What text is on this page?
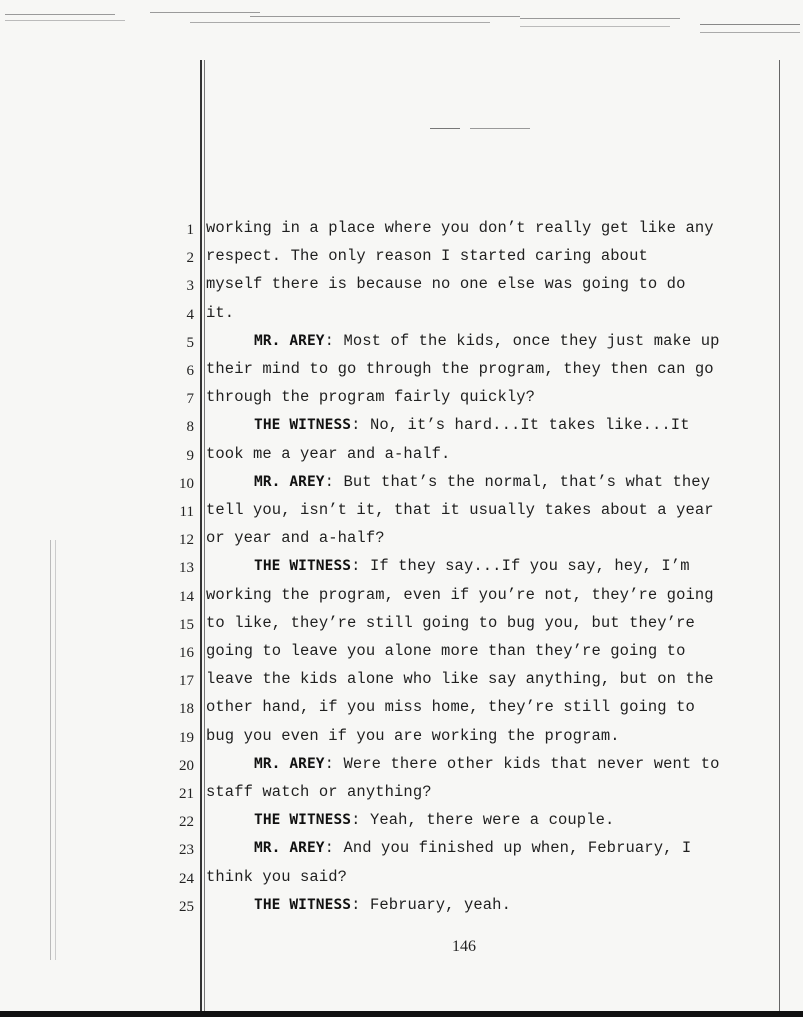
1 working in a place where you don’t really get like any
2 respect. The only reason I started caring about
3 myself there is because no one else was going to do
4 it.
5	MR. AREY: Most of the kids, once they just make up
6 their mind to go through the program, they then can go
7 through the program fairly quickly?
8	THE WITNESS: No, it’s hard...It takes like...It
9 took me a year and a-half.
10	MR. AREY: But that’s the normal, that’s what they
11 tell you, isn’t it, that it usually takes about a year
12 or year and a-half?
13	THE WITNESS: If they say...If you say, hey, I’m
14 working the program, even if you’re not, they’re going
15 to like, they’re still going to bug you, but they’re
16 going to leave you alone more than they’re going to
17 leave the kids alone who like say anything, but on the
18 other hand, if you miss home, they’re still going to
19 bug you even if you are working the program.
20	MR. AREY: Were there other kids that never went to
21 staff watch or anything?
22	THE WITNESS: Yeah, there were a couple.
23	MR. AREY: And you finished up when, February, I
24 think you said?
25	THE WITNESS: February, yeah.
146
